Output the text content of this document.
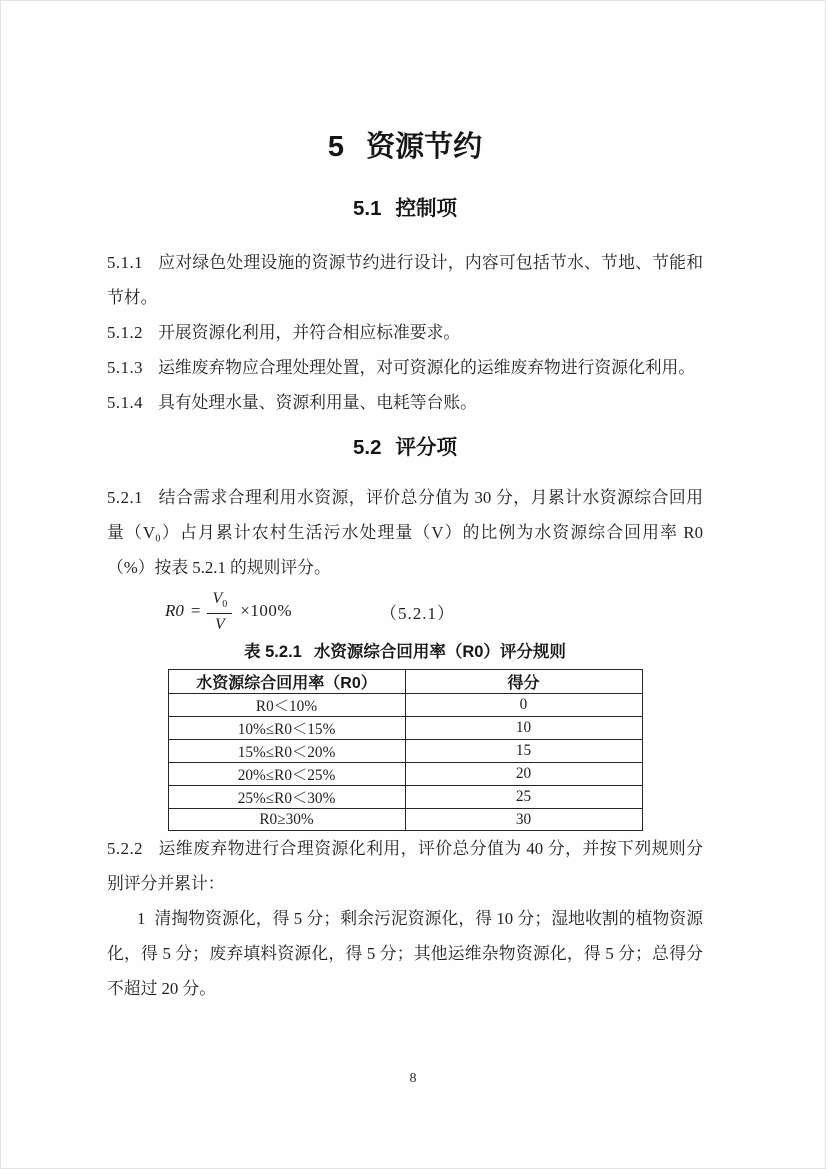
5 资源节约
5.1 控制项

5.1.1 应对绿色处理设施的资源节约进行设计，内容可包括节水、节地、节能和节材。

5.1.2 开展资源化利用，并符合相应标准要求。

5.1.3 运维废弃物应合理处理处置，对可资源化的运维废弃物进行资源化利用。

5.1.4 具有处理水量、资源利用量、电耗等台账。

5.2 评分项

5.2.1 结合需求合理利用水资源，评价总分值为 30 分，月累计水资源综合回用量（V₀）占月累计农村生活污水处理量（V）的比例为水资源综合回用率 R0（%）按表 5.2.1 的规则评分。

$R0 = \frac{V_0}{V} \times 100\%$	（5.2.1）
表 5.2.1 水资源综合回用率（R0）评分规则
水资源综合回用率（R0）	得分
R0＜10%	0
10%≤R0＜15%	10
15%≤R0＜20%	15
20%≤R0＜25%	20
25%≤R0＜30%	25
R0≥30%	30

5.2.2 运维废弃物进行合理资源化利用，评价总分值为 40 分，并按下列规则分别评分并累计：

1 清掏物资源化，得 5 分；剩余污泥资源化，得 10 分；湿地收割的植物资源化，得 5 分；废弃填料资源化，得 5 分；其他运维杂物资源化，得 5 分；总得分不超过 20 分。

8
